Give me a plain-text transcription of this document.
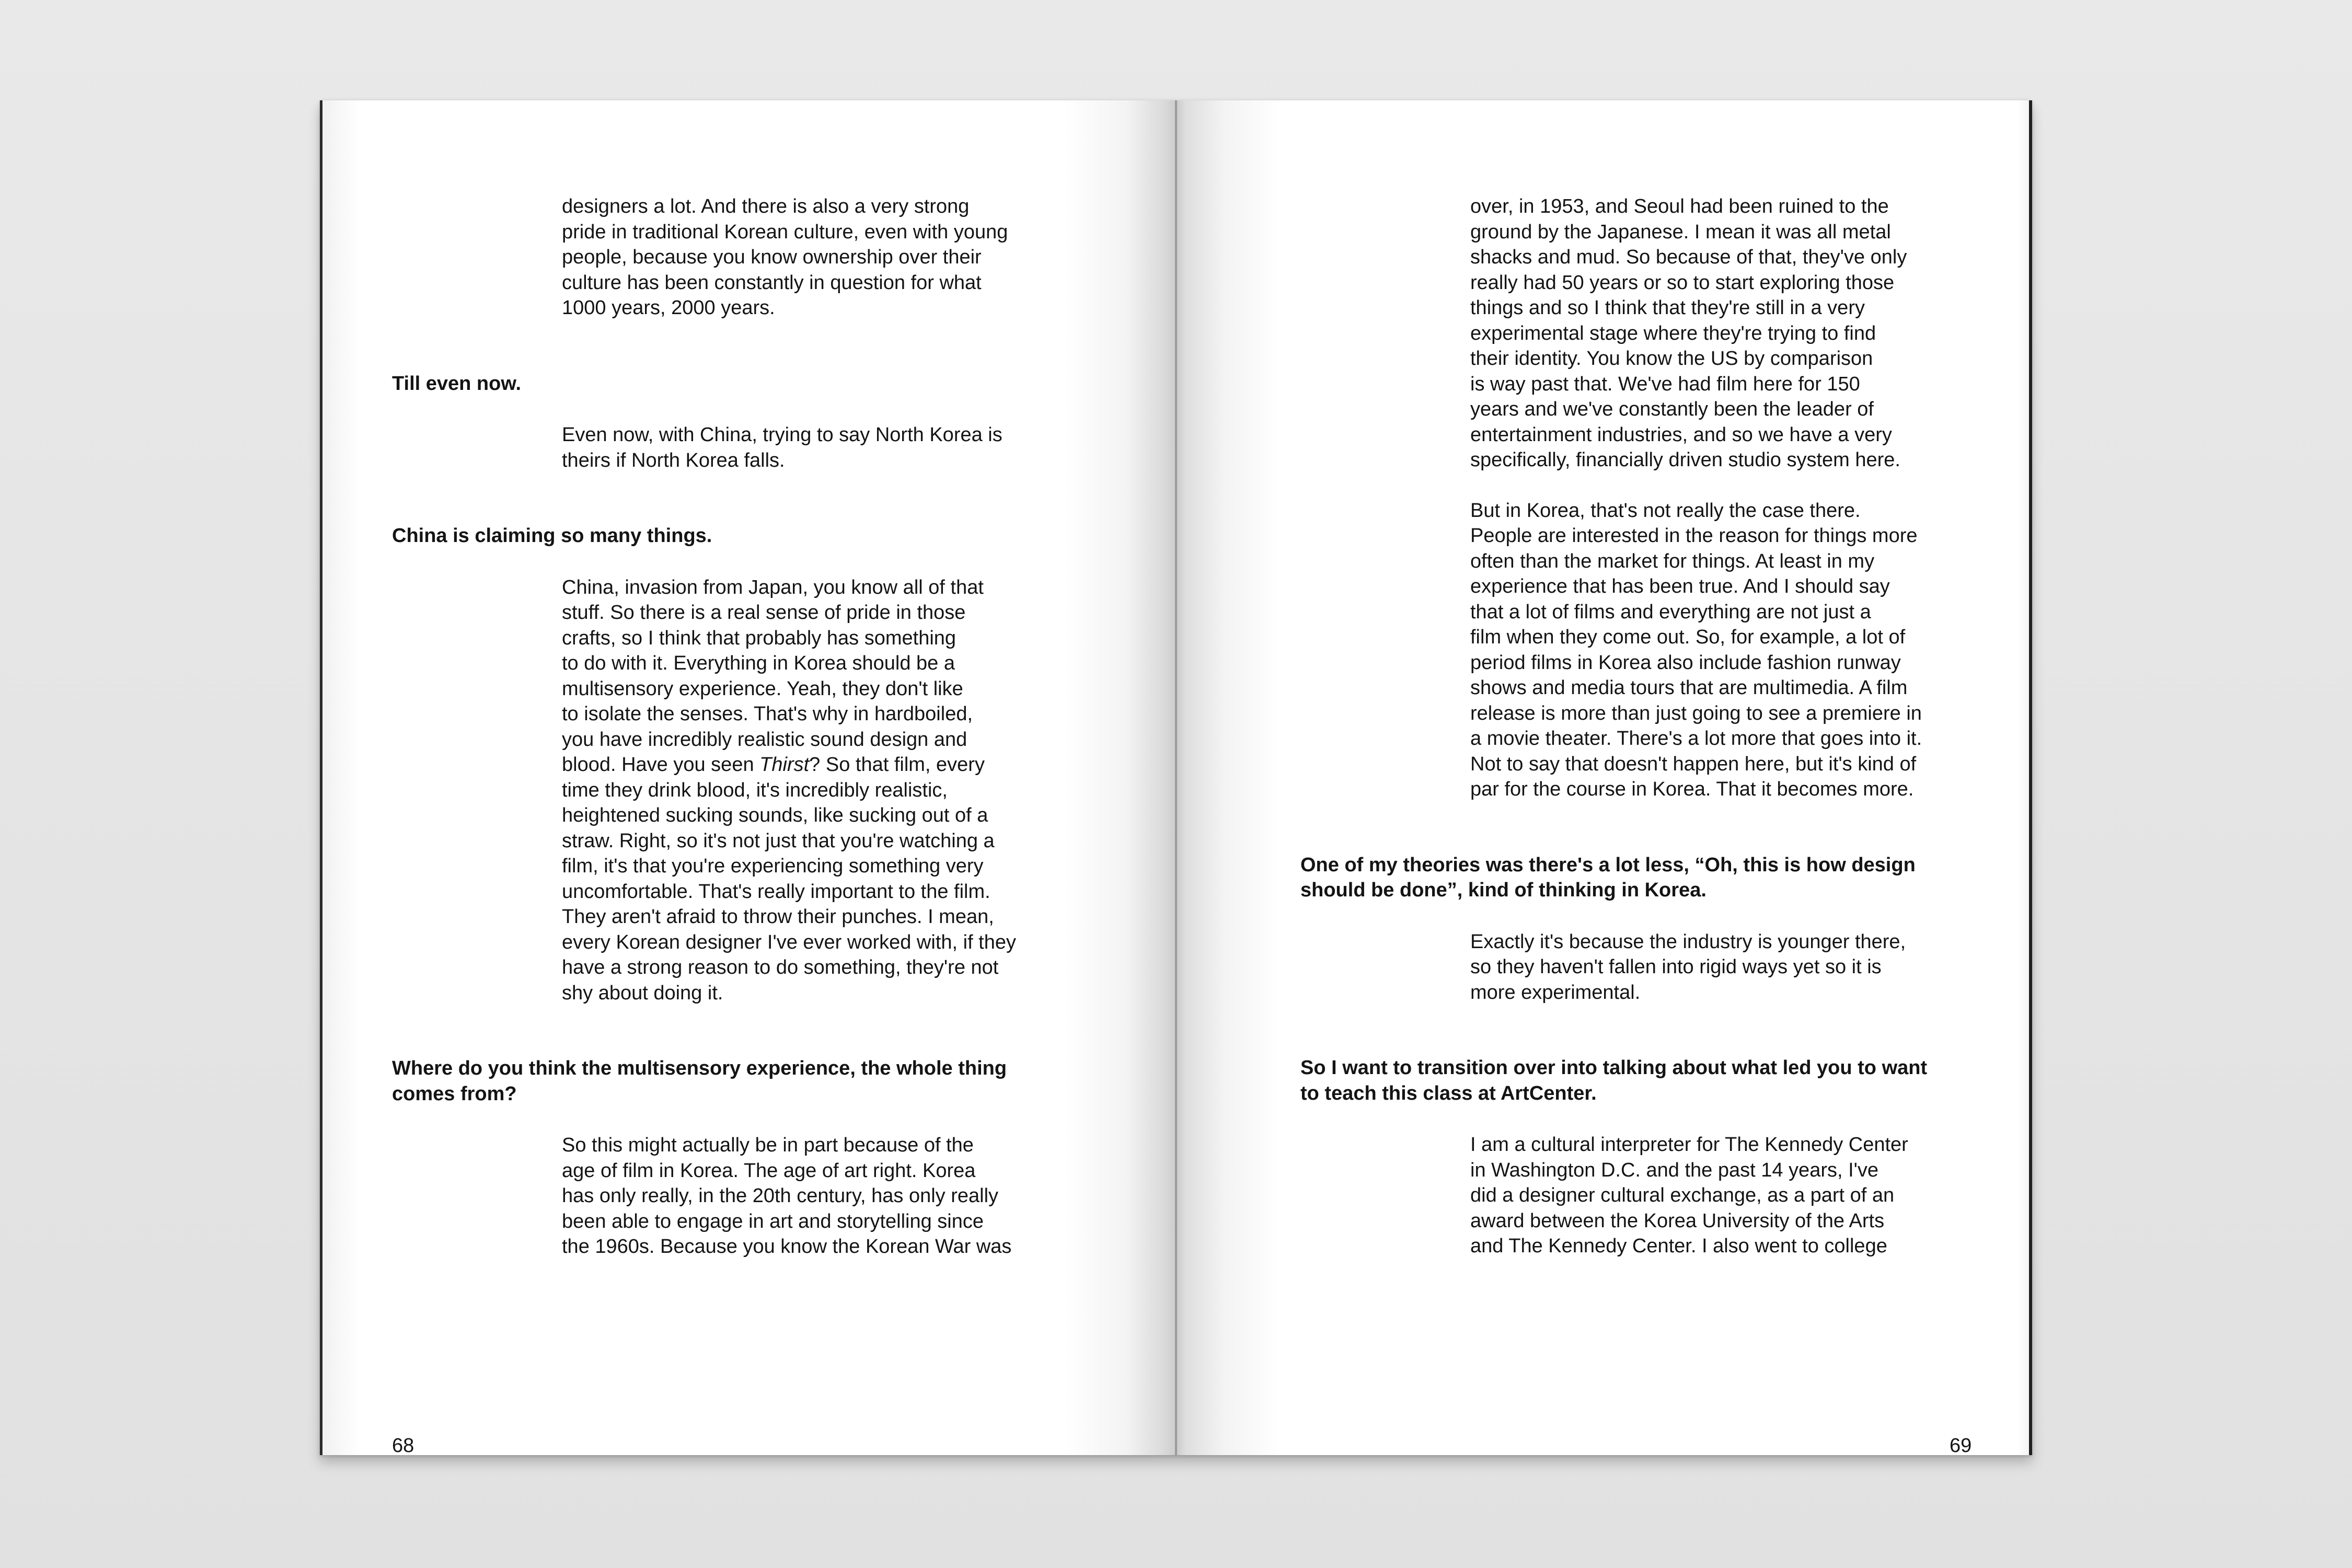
designers a lot. And there is also a very strong
pride in traditional Korean culture, even with young
people, because you know ownership over their
culture has been constantly in question for what
1000 years, 2000 years.

Till even now.

Even now, with China, trying to say North Korea is
theirs if North Korea falls.

China is claiming so many things.

China, invasion from Japan, you know all of that
stuff. So there is a real sense of pride in those
crafts, so I think that probably has something
to do with it. Everything in Korea should be a
multisensory experience. Yeah, they don't like
to isolate the senses. That's why in hardboiled,
you have incredibly realistic sound design and
blood. Have you seen Thirst? So that film, every
time they drink blood, it's incredibly realistic,
heightened sucking sounds, like sucking out of a
straw. Right, so it's not just that you're watching a
film, it's that you're experiencing something very
uncomfortable. That's really important to the film.
They aren't afraid to throw their punches. I mean,
every Korean designer I've ever worked with, if they
have a strong reason to do something, they're not
shy about doing it.

Where do you think the multisensory experience, the whole thing
comes from?

So this might actually be in part because of the
age of film in Korea. The age of art right. Korea
has only really, in the 20th century, has only really
been able to engage in art and storytelling since
the 1960s. Because you know the Korean War was

68

over, in 1953, and Seoul had been ruined to the
ground by the Japanese. I mean it was all metal
shacks and mud. So because of that, they've only
really had 50 years or so to start exploring those
things and so I think that they're still in a very
experimental stage where they're trying to find
their identity. You know the US by comparison
is way past that. We've had film here for 150
years and we've constantly been the leader of
entertainment industries, and so we have a very
specifically, financially driven studio system here.

But in Korea, that's not really the case there.
People are interested in the reason for things more
often than the market for things. At least in my
experience that has been true. And I should say
that a lot of films and everything are not just a
film when they come out. So, for example, a lot of
period films in Korea also include fashion runway
shows and media tours that are multimedia. A film
release is more than just going to see a premiere in
a movie theater. There's a lot more that goes into it.
Not to say that doesn't happen here, but it's kind of
par for the course in Korea. That it becomes more.

One of my theories was there's a lot less, “Oh, this is how design
should be done”, kind of thinking in Korea.

Exactly it's because the industry is younger there,
so they haven't fallen into rigid ways yet so it is
more experimental.

So I want to transition over into talking about what led you to want
to teach this class at ArtCenter.

I am a cultural interpreter for The Kennedy Center
in Washington D.C. and the past 14 years, I've
did a designer cultural exchange, as a part of an
award between the Korea University of the Arts
and The Kennedy Center. I also went to college

69
